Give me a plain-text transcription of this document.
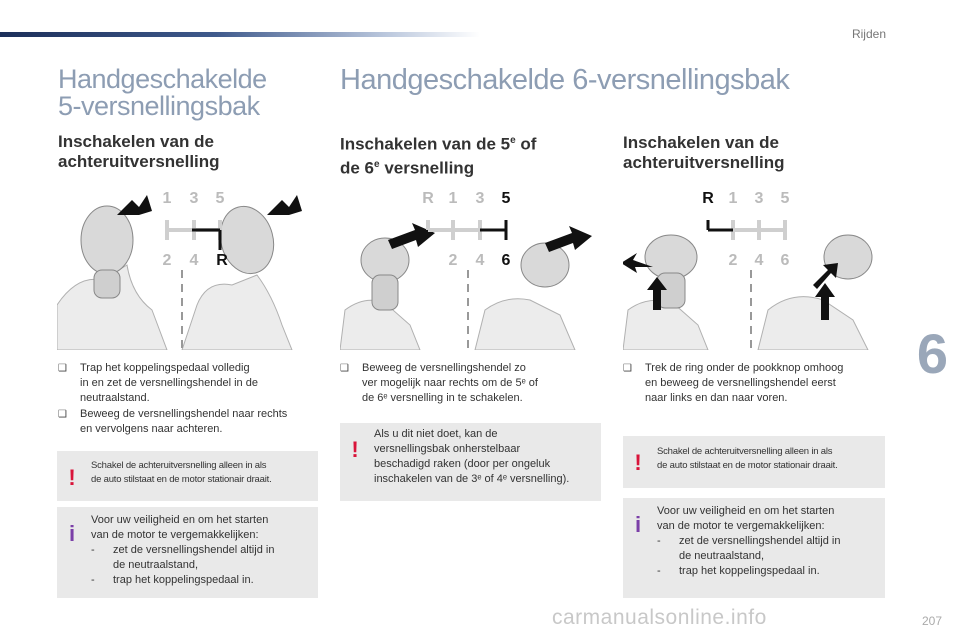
Rijden
6
Handgeschakelde
5-versnellingsbak
Inschakelen van de
achteruitversnelling
1 3 5
2 4 R
❑ Trap het koppelingspedaal volledig
in en zet de versnellingshendel in de
neutraalstand.
❑ Beweeg de versnellingshendel naar rechts
en vervolgens naar achteren.
! Schakel de achteruitversnelling alleen in als
de auto stilstaat en de motor stationair draait.
i
Voor uw veiligheid en om het starten
van de motor te vergemakkelijken:
- zet de versnellingshendel altijd in
de neutraalstand,
- trap het koppelingspedaal in.
Handgeschakelde 6-versnellingsbak
Inschakelen van de 5e of
de 6e versnelling
R 1 3 5
2 4 6
❑ Beweeg de versnellingshendel zo
ver mogelijk naar rechts om de 5ᵉ of
de 6ᵉ versnelling in te schakelen.
!
Als u dit niet doet, kan de
versnellingsbak onherstelbaar
beschadigd raken (door per ongeluk
inschakelen van de 3ᵉ of 4ᵉ versnelling).
Inschakelen van de
achteruitversnelling
R 1 3 5
2 4 6
❑ Trek de ring onder de pookknop omhoog
en beweeg de versnellingshendel eerst
naar links en dan naar voren.
! Schakel de achteruitversnelling alleen in als
de auto stilstaat en de motor stationair draait.
i
Voor uw veiligheid en om het starten
van de motor te vergemakkelijken:
- zet de versnellingshendel altijd in
de neutraalstand,
- trap het koppelingspedaal in.
carmanualsonline.info	207
